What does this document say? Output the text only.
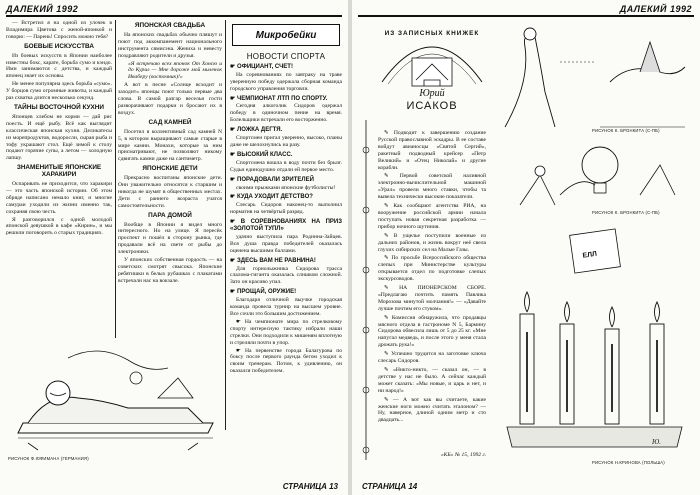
ДАЛЕКИЙ 1992

— Встретил я на одной из улочек в Владимира Цветова с женой-японкой и говорю: — Парень! Спросить можно тебя?

БОЕВЫЕ ИСКУССТВА

Из боевых искусств в Японии наиболее известны бокс, карате, борьба сумо и кэндо. Ими занимаются с детства, и каждый японец знает их основы.

Не менее популярна здесь борьба «сумо». У борцов сумо огромные животы, и каждый раз схватка длится несколько секунд.

ТАЙНЫ ВОСТОЧНОЙ КУХНИ

Японцев хлебом не корми — дай рис поесть. И ещё рыбу. Всё как выглядит классическая японская кухня. Деликатесы из морепродуктов, водоросли, сырая рыба и тофу украшают стол. Ещё зимой к столу подают горячие супы, а летом — холодную лапшу.

ЗНАМЕНИТЫЕ ЯПОНСКИЕ ХАРАКИРИ

Оспаривать не приходится, что харакири — это часть японской истории. Об этом обряде написано немало книг, и многие самураи уходили из жизни именно так, сохраняя свою честь.

Я разговорился с одной молодой японской девушкой в кафе «Кирин», и мы решили поговорить о старых традициях.

ЯПОНСКАЯ СВАДЬБА

На японских свадьбах обычно пляшут и поют под аккомпанемент национального инструмента сямисэна. Жениха и невесту поздравляют родители и друзья.

«Я встречаю всех японок От Хонсю и до Курил — Мне дороже мой миленок Иваберу (восточник)!»

А вот в песне «Солнце всходит и заходит» японцы поют только первые два слова. В самой разгар веселья гости разворачивают подарки и бросают их в воздух.

САД КАМНЕЙ

Посетил я коллективный сад камней N 5, в котором выращивают самые старые в мире камни. Монахи, которые за ним присматривают, не позволяют никому сдвигать камни даже на сантиметр.

ЯПОНСКИЕ ДЕТИ

Прекрасно воспитаны японские дети. Они уважительно относятся к старшим и никогда не шумят в общественных местах. Дети с раннего возраста учатся самостоятельности.

ПАРА ДОМОЙ

Вообще в Японии я видел много интересного. Но на улице. Я пересёк проспект и пошёл в сторону рынка, где продавали всё на свете от рыбы до электроники.

У японских собственная гордость — на советских смотрят свысока. Японские ребятишки в белых рубашках с плакатами встречали нас на вокзале.

Микробейки
НОВОСТИ СПОРТА
☛ ОФИЦИАНТ, СЧЕТ!

На соревнованиях по завтраку на траве уверенную победу одержала сборная команда городского управления торговли.

☛ ЧЕМПИОНАТ ЛТП ПО СПОРТУ.

Сегодня алкоголик Сидоров одержал победу в одиночном пение на время. Болельщики встречали его восторженно.

☛ ЛОЖКА ДЕГТЯ.

Спортсмен пригал уверенно, высоко, планы даже не шелохнулись на разу.

☛ ВЫСОКИЙ КЛАСС.

Спортсмена вошла в воду почти без брызг. Судьи единодушно отдали ей первое место.

☛ ПОРАДОВАЛИ ЗРИТЕЛЕЙ

своими прыжками японские футболисты!

☛ КУДА УХОДИТ ДЕТСТВО?

Слесарь Сидоров наконец-то выполнил норматив на четвёртый разряд.

☛ В СОРЕВНОВАНИЯХ НА ПРИЗ «ЗОЛОТОЙ ТУПЛ»

удачно выступила пара Родинна-Зайцев. Вся душа правда победителей оказалась оценена высшими баллами.

☛ ЗДЕСЬ ВАМ НЕ РАВНИНА!

Для горнолыжника Сидорова трасса слалома-гиганта оказалась слишком сложной. Зато он красиво упал.

☛ ПРОЩАЙ, ОРУЖИЕ!

Благодаря отличной выучке городская команда провела турнир на высшем уровне. Все сочли это большим достижением.

☛ На чемпионате мира по стрелковому спорту интересную тактику избрали наши стрелки. Они подходили к мишеням вплотную и стреляли почти в упор.

☛ На первенстве города Балагурова по боксу после первого раунда бегом уходил к своим тренерам. Потом, к удивлению, он оказался победителем.

РИСУНОК Ф.ЮФИМАНА (ГЕРМАНИЯ)
СТРАНИЦА 13
ДАЛЕКИЙ 1992
ИЗ ЗАПИСНЫХ КНИЖЕК
Юрий
ИСАКОВ

✎ Подводит к завершению создание Русской православной эскадры. В ее составе войдут авианосцы «Святой Сергий», ракетный подводный крейсер «Петр Великий» и «Отец Николай» и другие корабли.

✎ Первой советской наливной электронно-вычислительной машиной «Урал» провели много ставки, чтобы та вывела технически высокие показатели.

✎ Как сообщают агентства РИА, на вооружение российской армии начала поступать новая секретная разработка — прибор ночного шутиния.

✎ В ущелье поступили военные из дальних районов, и жизнь вокруг неё свела глухих сибирских сел на Малые Газы.

✎ По просьбе Всероссийского общества слепых при Министерстве культуры открывается отдел по подготовке слепых экскурсоводов.

✎ НА ПИОНЕРСКОМ СБОРЕ. «Предлагаю почтить память Павлика Морозова минутой молчания!» — «Давайте лучше почтим его стуком».

✎ Комиссия обнаружила, что продавцы мясного отдела в гастрономе N 5, Бармину Сидорова обвесила лишь от 5 до 25 кг. «Мне напугал медведь, и после этого у меня стала дрожать рука!»

✎ Успешно трудится на заготовке ключа слесарь Сидоров.

✎ «Никто-никто, — сказал он, — в детстве у нас не было. А сейчас каждый может сказать: «Мы новые, и царь и нет, и ни народ!»

✎ — А вот как вы считаете, какие женские ноги можно считать эталоном? — Ну, наверное, длиной одним метр и сто двадцать...

«КБ» № 15, 1992 г.
РИСУНОК К. БРОНКИТА (С-ПБ)
РИСУНОК К. БРОНКИТА (С-ПБ)
ЕЛЛ
Ю.
РИСУНОК Н.КРИНОВА (ПОЛЬША)
СТРАНИЦА 14
